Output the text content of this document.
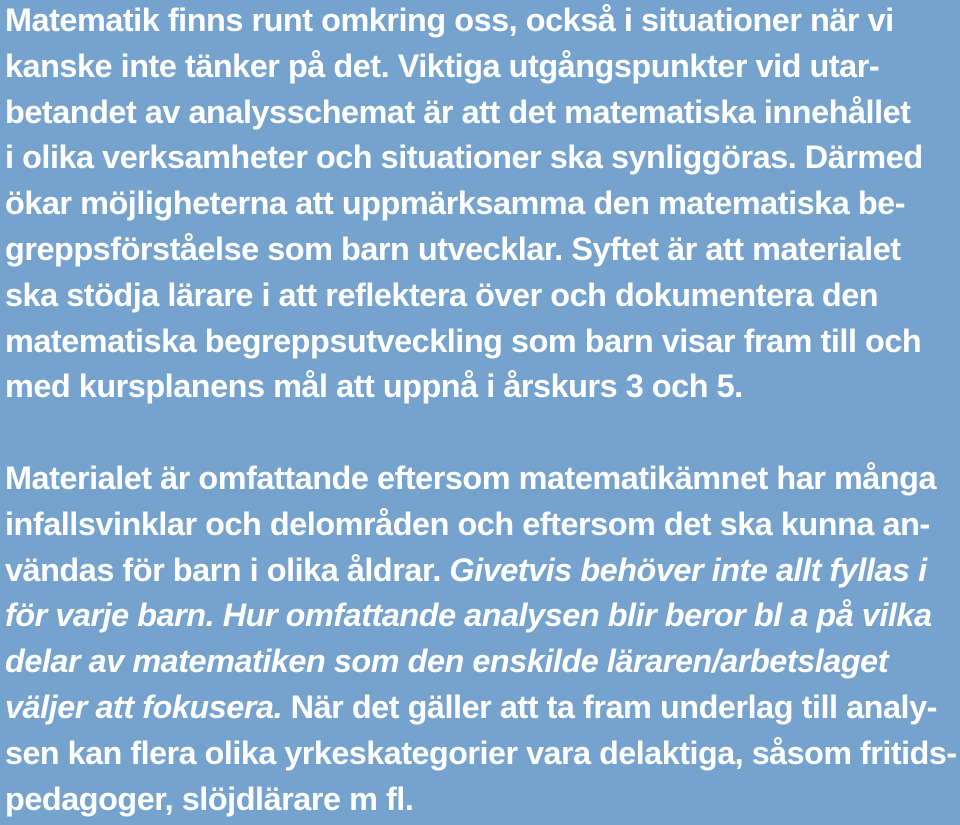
Matematik finns runt omkring oss, också i situationer när vi
kanske inte tänker på det. Viktiga utgångspunkter vid utar-
betandet av analysschemat är att det matematiska innehållet
i olika verksamheter och situationer ska synliggöras. Därmed
ökar möjligheterna att uppmärksamma den matematiska be-
greppsförståelse som barn utvecklar. Syftet är att materialet
ska stödja lärare i att reflektera över och dokumentera den
matematiska begreppsutveckling som barn visar fram till och
med kursplanens mål att uppnå i årskurs 3 och 5.
Materialet är omfattande eftersom matematikämnet har många
infallsvinklar och delområden och eftersom det ska kunna an-
vändas för barn i olika åldrar. Givetvis behöver inte allt fyllas i
för varje barn. Hur omfattande analysen blir beror bl a på vilka
delar av matematiken som den enskilde läraren/arbetslaget
väljer att fokusera. När det gäller att ta fram underlag till analy-
sen kan flera olika yrkeskategorier vara delaktiga, såsom fritids-
pedagoger, slöjdlärare m fl.
